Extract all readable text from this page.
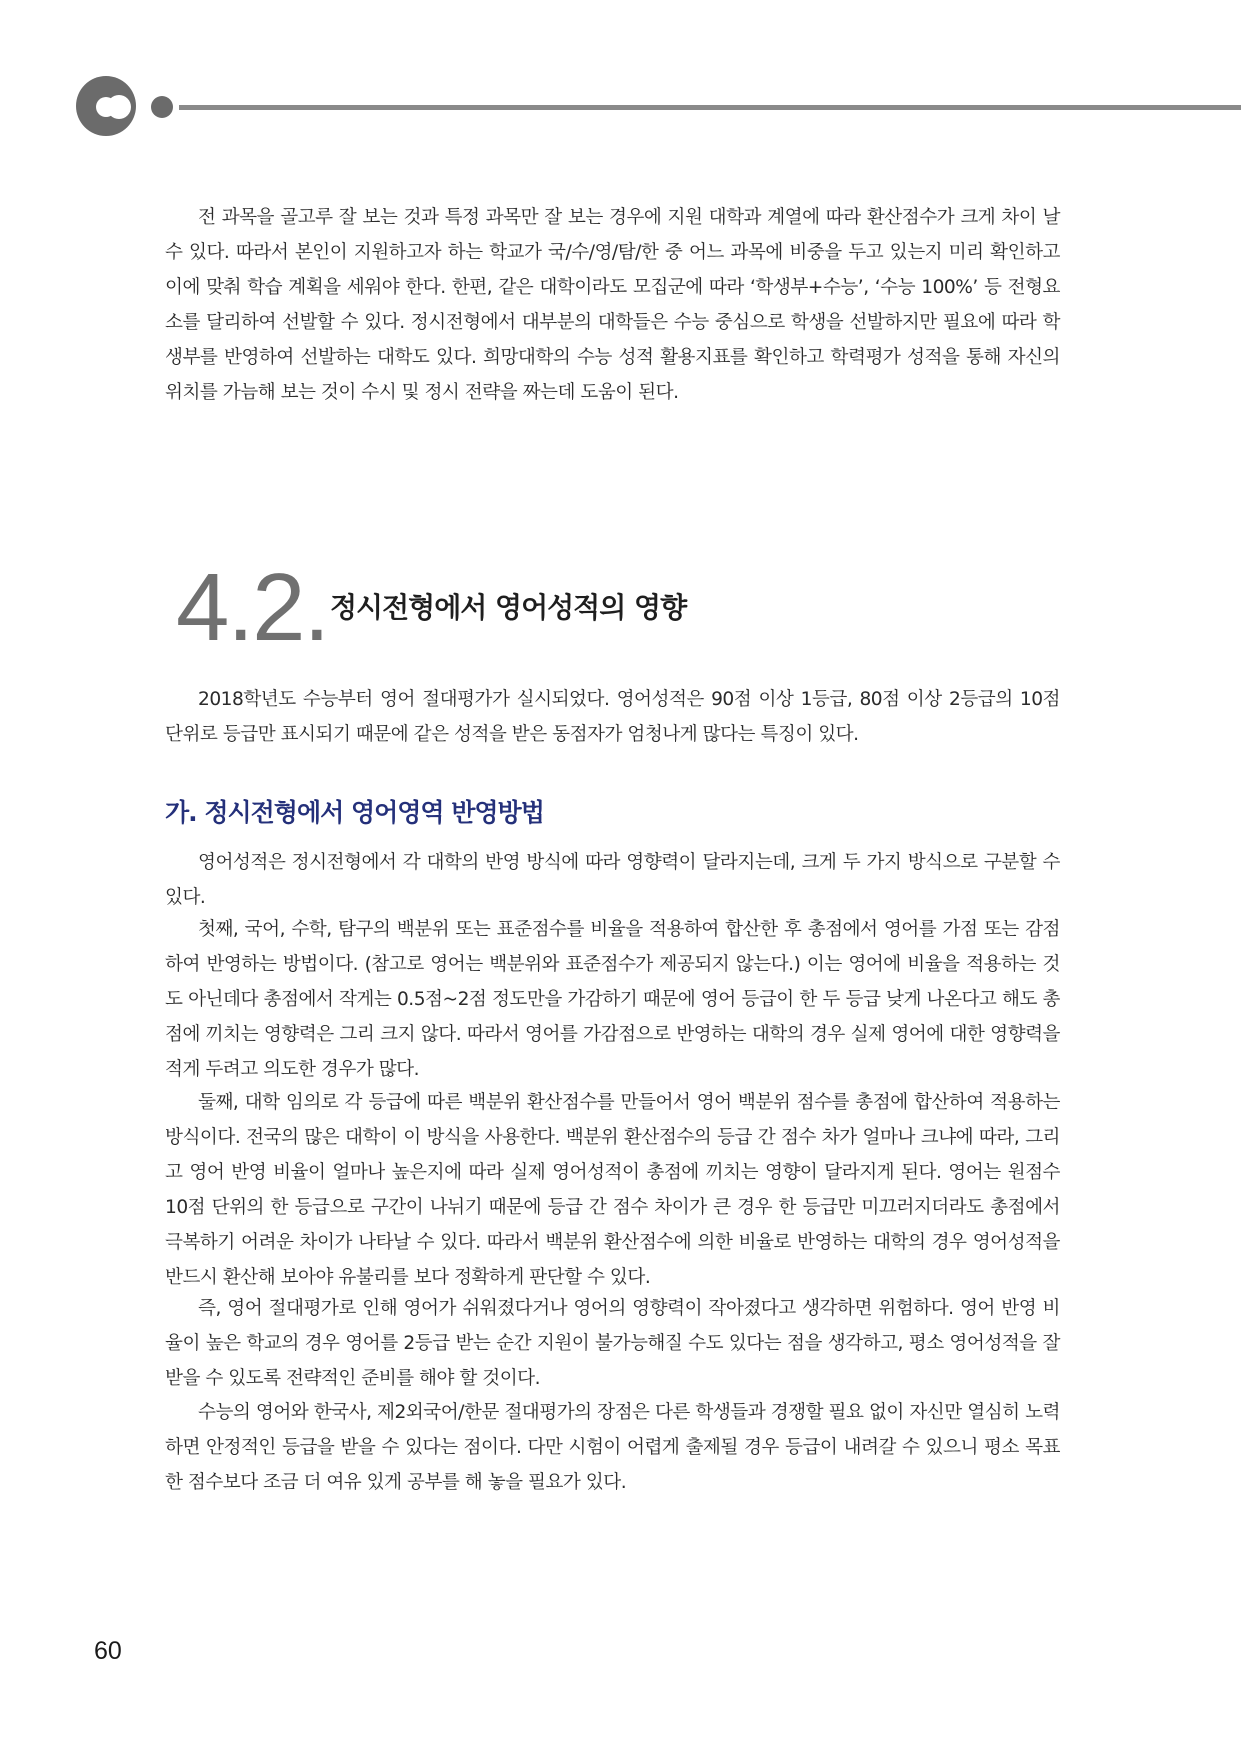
전 과목을 골고루 잘 보는 것과 특정 과목만 잘 보는 경우에 지원 대학과 계열에 따라 환산점수가 크게 차이 날 수 있다. 따라서 본인이 지원하고자 하는 학교가 국/수/영/탐/한 중 어느 과목에 비중을 두고 있는지 미리 확인하고 이에 맞춰 학습 계획을 세워야 한다. 한편, 같은 대학이라도 모집군에 따라 ‘학생부+수능’, ‘수능 100%’ 등 전형요소를 달리하여 선발할 수 있다. 정시전형에서 대부분의 대학들은 수능 중심으로 학생을 선발하지만 필요에 따라 학생부를 반영하여 선발하는 대학도 있다. 희망대학의 수능 성적 활용지표를 확인하고 학력평가 성적을 통해 자신의 위치를 가늠해 보는 것이 수시 및 정시 전략을 짜는데 도움이 된다.

4.2. 정시전형에서 영어성적의 영향

2018학년도 수능부터 영어 절대평가가 실시되었다. 영어성적은 90점 이상 1등급, 80점 이상 2등급의 10점 단위로 등급만 표시되기 때문에 같은 성적을 받은 동점자가 엄청나게 많다는 특징이 있다.

가. 정시전형에서 영어영역 반영방법

영어성적은 정시전형에서 각 대학의 반영 방식에 따라 영향력이 달라지는데, 크게 두 가지 방식으로 구분할 수 있다.

첫째, 국어, 수학, 탐구의 백분위 또는 표준점수를 비율을 적용하여 합산한 후 총점에서 영어를 가점 또는 감점하여 반영하는 방법이다. (참고로 영어는 백분위와 표준점수가 제공되지 않는다.) 이는 영어에 비율을 적용하는 것도 아닌데다 총점에서 작게는 0.5점~2점 정도만을 가감하기 때문에 영어 등급이 한 두 등급 낮게 나온다고 해도 총점에 끼치는 영향력은 그리 크지 않다. 따라서 영어를 가감점으로 반영하는 대학의 경우 실제 영어에 대한 영향력을 적게 두려고 의도한 경우가 많다.

둘째, 대학 임의로 각 등급에 따른 백분위 환산점수를 만들어서 영어 백분위 점수를 총점에 합산하여 적용하는 방식이다. 전국의 많은 대학이 이 방식을 사용한다. 백분위 환산점수의 등급 간 점수 차가 얼마나 크냐에 따라, 그리고 영어 반영 비율이 얼마나 높은지에 따라 실제 영어성적이 총점에 끼치는 영향이 달라지게 된다. 영어는 원점수 10점 단위의 한 등급으로 구간이 나뉘기 때문에 등급 간 점수 차이가 큰 경우 한 등급만 미끄러지더라도 총점에서 극복하기 어려운 차이가 나타날 수 있다. 따라서 백분위 환산점수에 의한 비율로 반영하는 대학의 경우 영어성적을 반드시 환산해 보아야 유불리를 보다 정확하게 판단할 수 있다.

즉, 영어 절대평가로 인해 영어가 쉬워졌다거나 영어의 영향력이 작아졌다고 생각하면 위험하다. 영어 반영 비율이 높은 학교의 경우 영어를 2등급 받는 순간 지원이 불가능해질 수도 있다는 점을 생각하고, 평소 영어성적을 잘 받을 수 있도록 전략적인 준비를 해야 할 것이다.

수능의 영어와 한국사, 제2외국어/한문 절대평가의 장점은 다른 학생들과 경쟁할 필요 없이 자신만 열심히 노력하면 안정적인 등급을 받을 수 있다는 점이다. 다만 시험이 어렵게 출제될 경우 등급이 내려갈 수 있으니 평소 목표한 점수보다 조금 더 여유 있게 공부를 해 놓을 필요가 있다.

60
